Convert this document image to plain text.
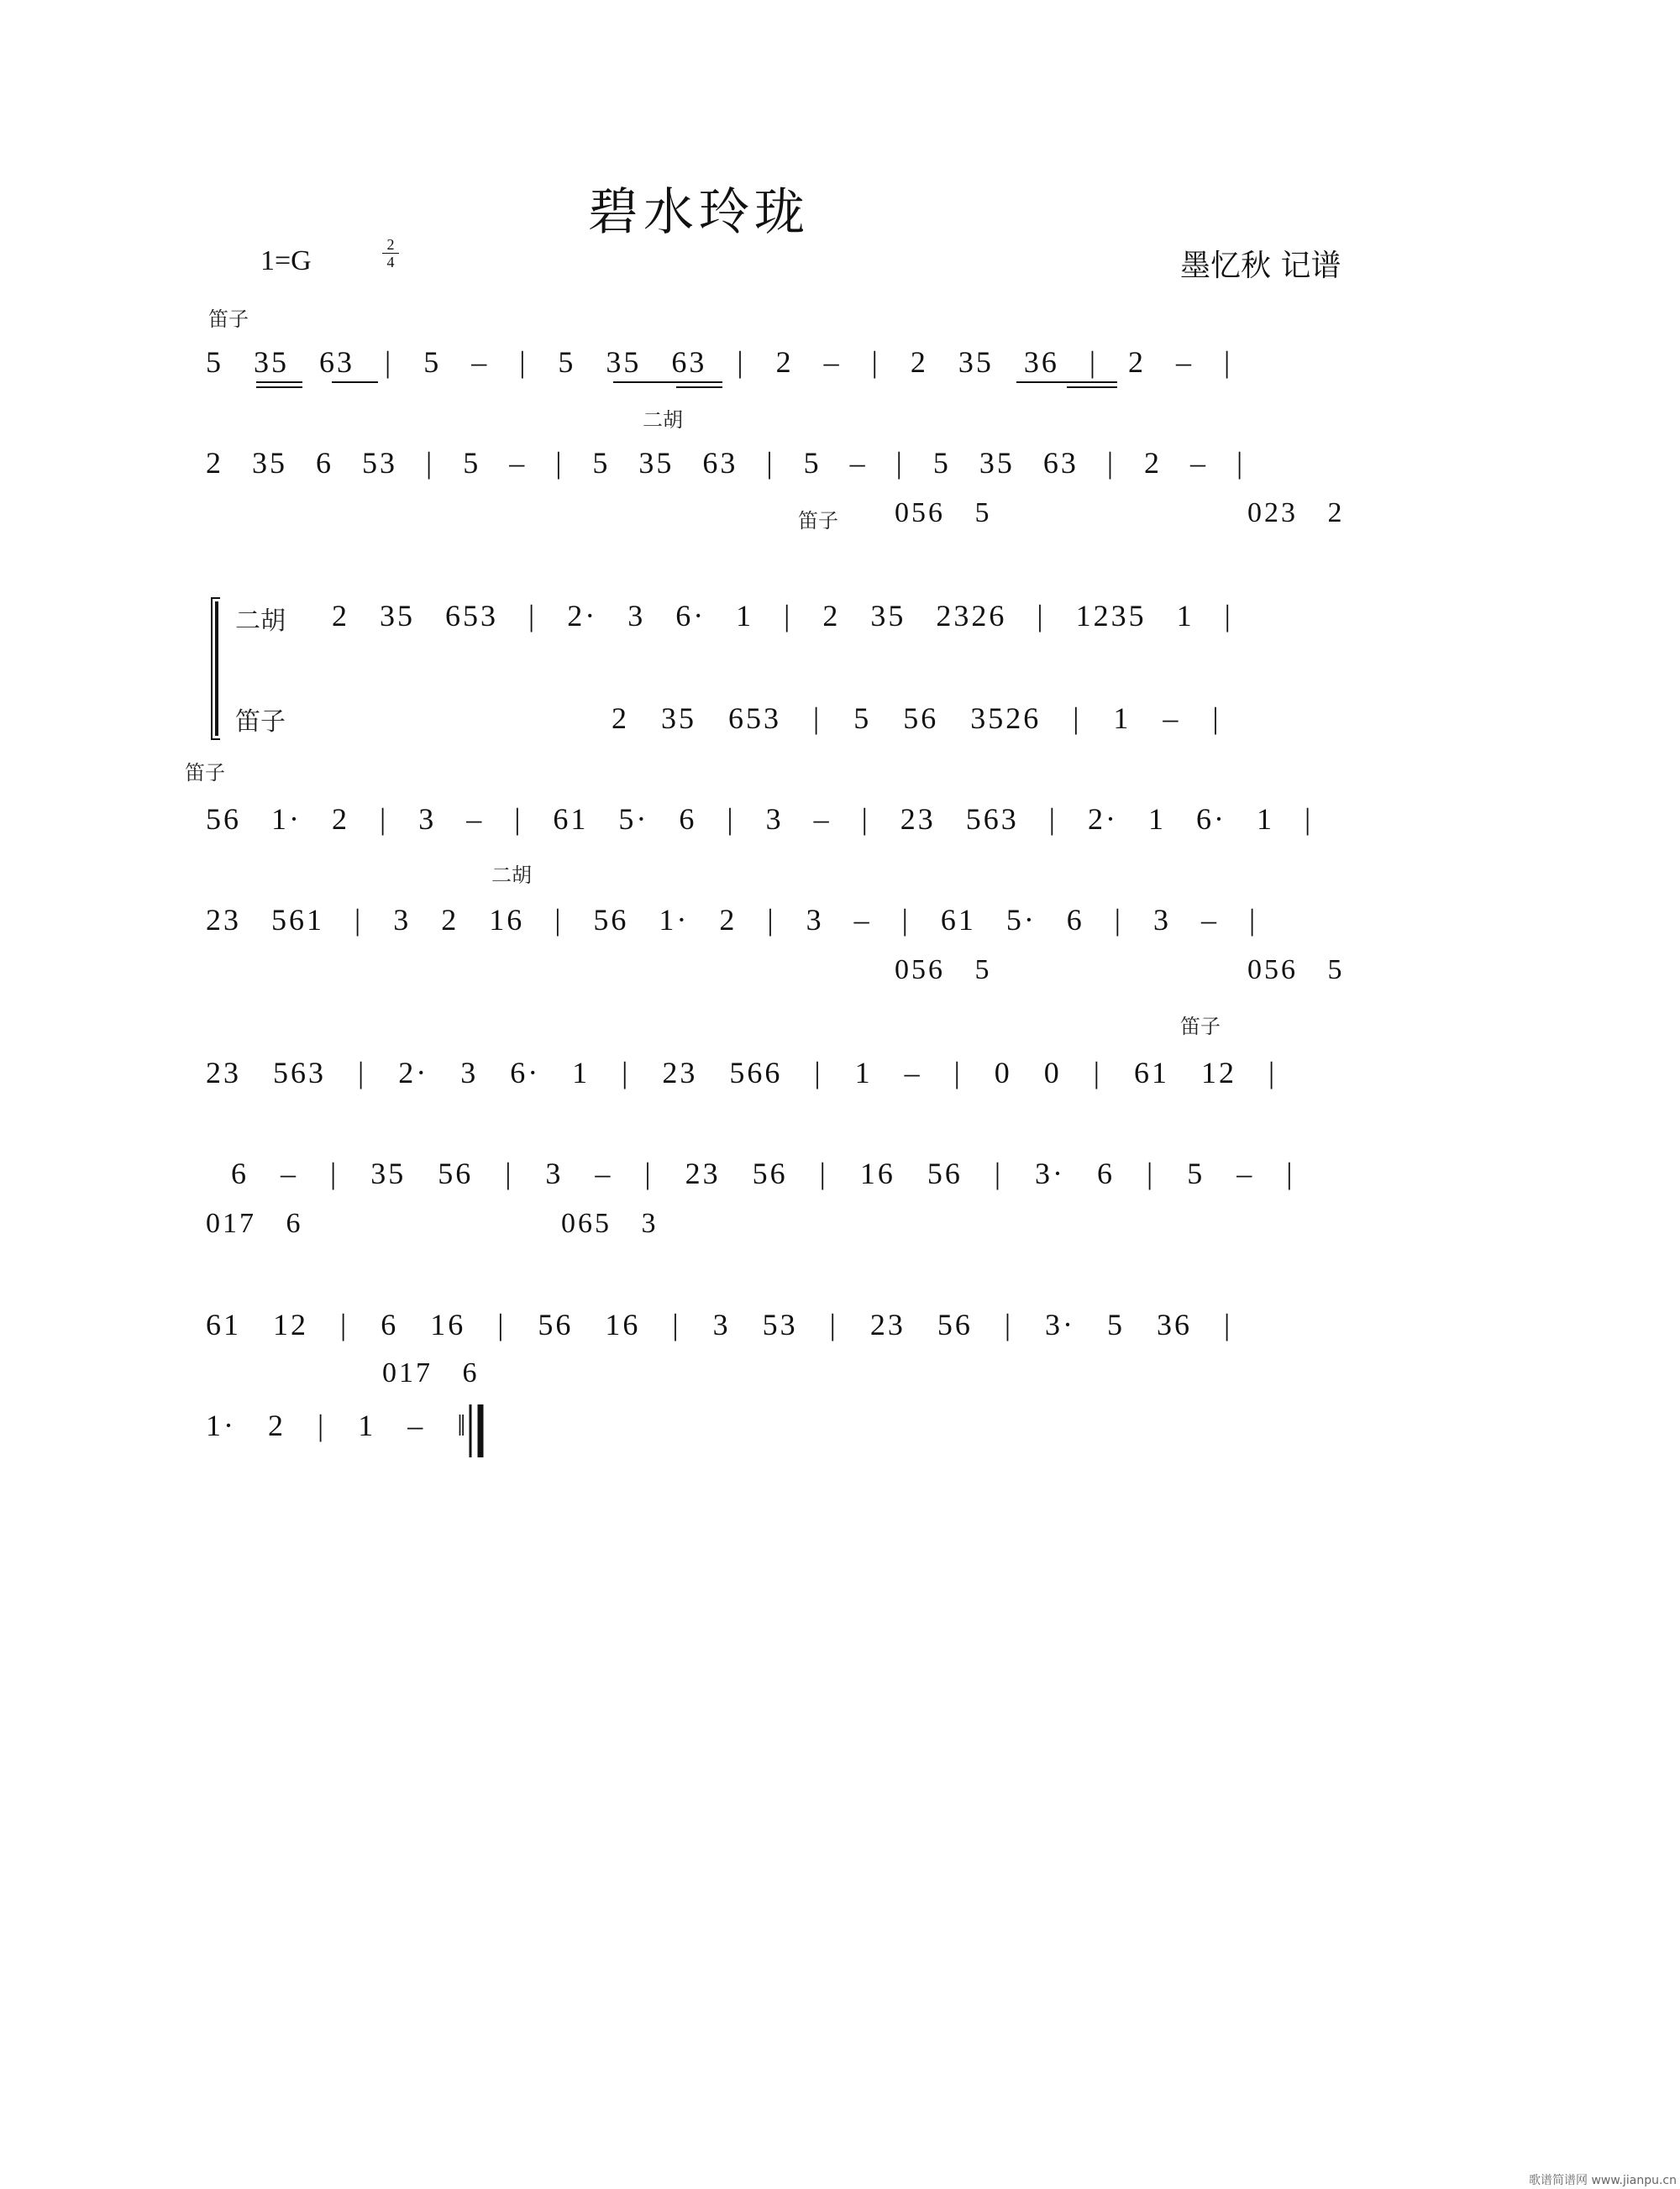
碧水玲珑
1=G
2
4	墨忆秋 记谱
笛子
二胡
笛子
二胡
笛子
笛子
二胡
笛子
5 35 63 | 5 – | 5 35 63 | 2 – | 2 35 36 | 2 – |
2 35 6 53 | 5 – | 5 35 63 | 5 – | 5 35 63 | 2 – |
056 5	023 2
2 35 653 | 2· 3 6· 1 | 2 35 2326 | 1235 1 |
2 35 653 | 5 56 3526 | 1 – |
56 1· 2 | 3 – | 61 5· 6 | 3 – | 23 563 | 2· 1 6· 1 |
23 561 | 3 2 16 | 56 1· 2 | 3 – | 61 5· 6 | 3 – |
056 5	056 5
23 563 | 2· 3 6· 1 | 23 566 | 1 – | 0 0 | 61 12 |
6 – | 35 56 | 3 – | 23 56 | 16 56 | 3· 6 | 5 – |
017 6	065 3
61 12 | 6 16 | 56 16 | 3 53 | 23 56 | 3· 5 36 |
017 6
1· 2 | 1 – ‖
歌谱简谱网 www.jianpu.cn
